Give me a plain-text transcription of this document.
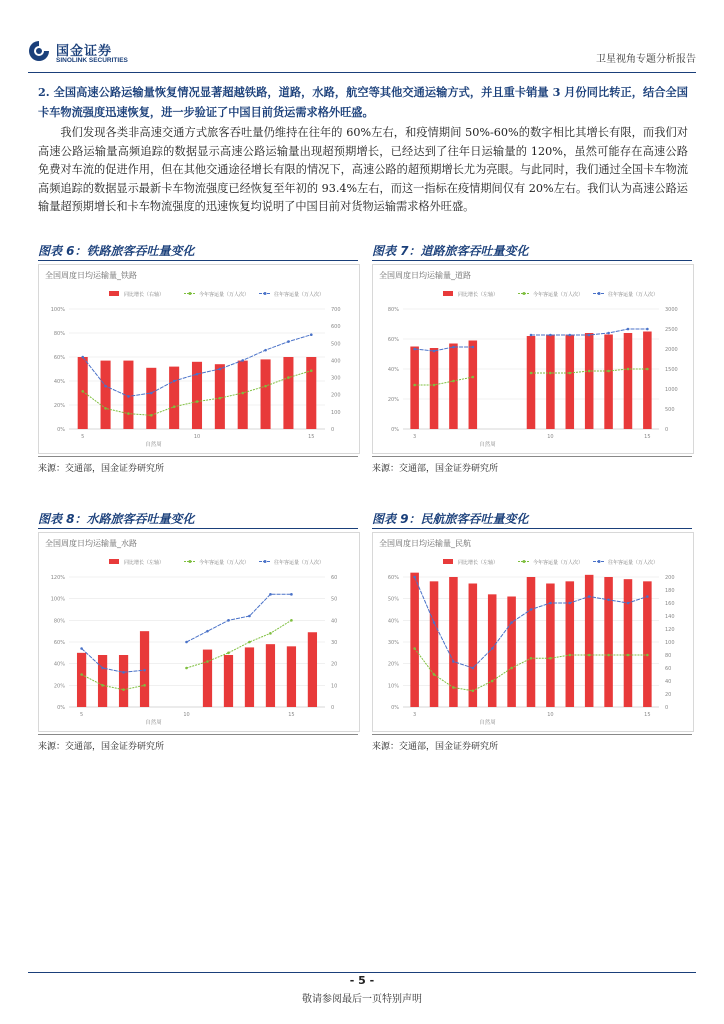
国金证券
SINOLINK SECURITIES	卫星视角专题分析报告
2. 全国高速公路运输量恢复情况显著超越铁路，道路，水路，航空等其他交通运输方式，并且重卡销量 3 月份同比转正，结合全国卡车物流强度迅速恢复，进一步验证了中国目前货运需求格外旺盛。
我们发现各类非高速交通方式旅客吞吐量仍维持在往年的 60%左右，和疫情期间 50%-60%的数字相比其增长有限，而我们对高速公路运输量高频追踪的数据显示高速公路运输量出现超预期增长，已经达到了往年日运输量的 120%，虽然可能存在高速公路免费对车流的促进作用，但在其他交通途径增长有限的情况下，高速公路的超预期增长尤为亮眼。与此同时，我们通过全国卡车物流高频追踪的数据显示最新卡车物流强度已经恢复至年初的 93.4%左右，而这一指标在疫情期间仅有 20%左右。我们认为高速公路运输量超预期增长和卡车物流强度的迅速恢复均说明了中国目前对货物运输需求格外旺盛。
图表 6：铁路旅客吞吐量变化
全国周度日均运输量_铁路
同比增长（右轴）	今年客运量（万人次）	往年客运量（万人次）
0%
20%
40%
60%
80%
100%
0
100
200
300
400
500
600
700
5	10	15
自然周
来源：交通部，国金证券研究所
图表 7：道路旅客吞吐量变化
全国周度日均运输量_道路
同比增长（左轴）	今年客运量（万人次）	往年客运量（万人次）
0%
20%
40%
60%
80%
0
500
1000
1500
2000
2500
3000
3	10	15
自然周
来源：交通部，国金证券研究所
图表 8：水路旅客吞吐量变化
全国周度日均运输量_水路
同比增长（左轴）	今年客运量（万人次）	往年客运量（万人次）
0%
20%
40%
60%
80%
100%
120%
0
10
20
30
40
50
60
5	10	15
自然周
来源：交通部，国金证券研究所
图表 9：民航旅客吞吐量变化
全国周度日均运输量_民航
同比增长（左轴）	今年客运量（万人次）	往年客运量（万人次）
0%
10%
20%
30%
40%
50%
60%
0
20
40
60
80
100
120
140
160
180
200
3	10	15
自然周
来源：交通部，国金证券研究所
- 5 -
敬请参阅最后一页特别声明
